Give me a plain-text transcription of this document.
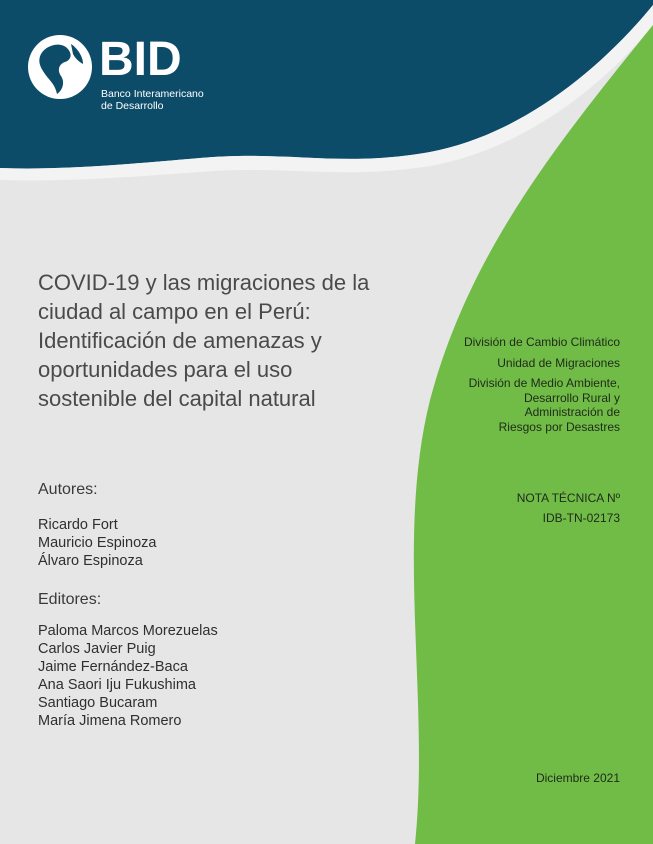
BID
Banco Interamericano
de Desarrollo
COVID-19 y las migraciones de la
ciudad al campo en el Perú:
Identificación de amenazas y
oportunidades para el uso
sostenible del capital natural
Autores:
Ricardo Fort
Mauricio Espinoza
Álvaro Espinoza
Editores:
Paloma Marcos Morezuelas
Carlos Javier Puig
Jaime Fernández-Baca
Ana Saori Iju Fukushima
Santiago Bucaram
María Jimena Romero
División de Cambio Climático
Unidad de Migraciones
División de Medio Ambiente,
Desarrollo Rural y
Administración de
Riesgos por Desastres
NOTA TÉCNICA Nº
IDB-TN-02173
Diciembre 2021
